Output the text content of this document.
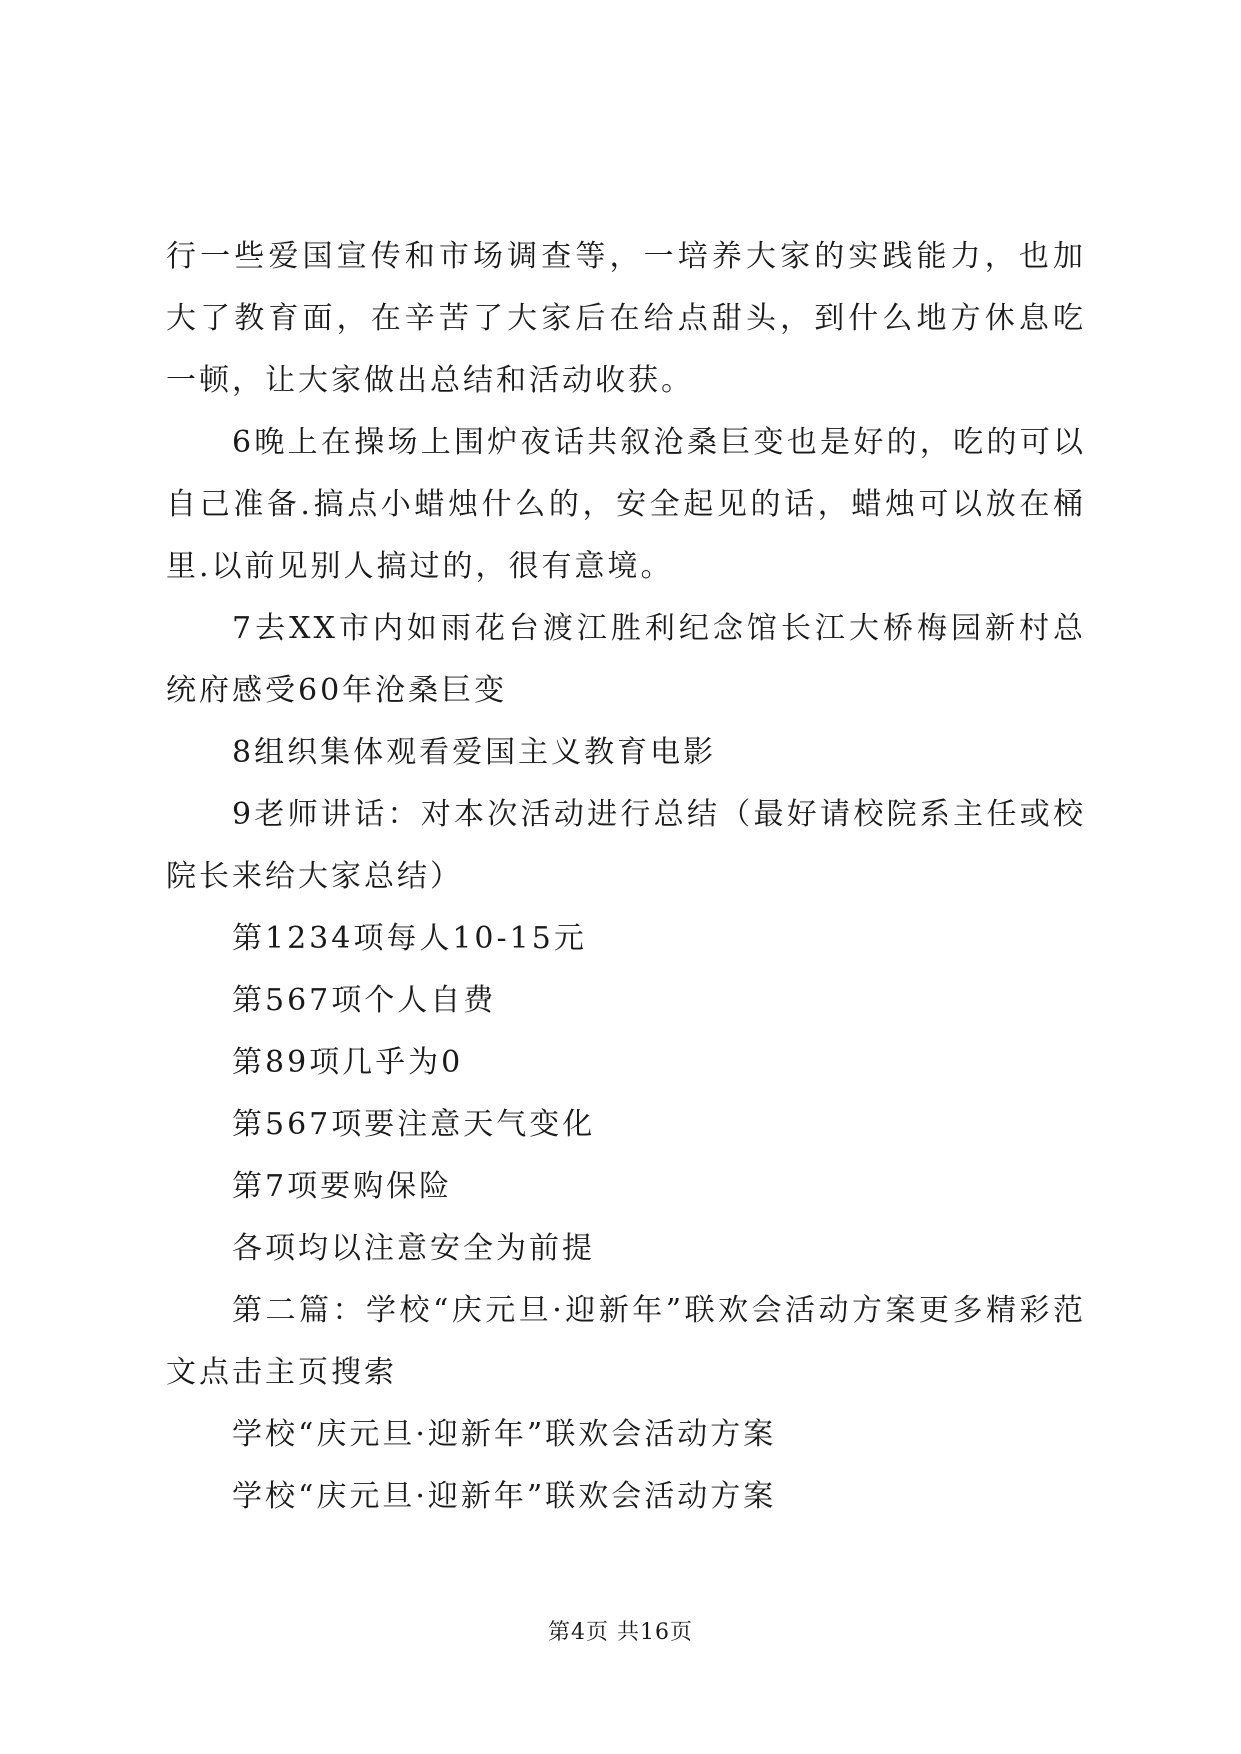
行一些爱国宣传和市场调查等，一培养大家的实践能力，也加大了教育面，在辛苦了大家后在给点甜头，到什么地方休息吃一顿，让大家做出总结和活动收获。

6晚上在操场上围炉夜话共叙沧桑巨变也是好的，吃的可以自己准备.搞点小蜡烛什么的，安全起见的话，蜡烛可以放在桶里.以前见别人搞过的，很有意境。

7去XX市内如雨花台渡江胜利纪念馆长江大桥梅园新村总统府感受60年沧桑巨变

8组织集体观看爱国主义教育电影

9老师讲话：对本次活动进行总结（最好请校院系主任或校院长来给大家总结）

第1234项每人10-15元

第567项个人自费

第89项几乎为0

第567项要注意天气变化

第7项要购保险

各项均以注意安全为前提

第二篇：学校“庆元旦·迎新年”联欢会活动方案更多精彩范文点击主页搜索

学校“庆元旦·迎新年”联欢会活动方案

学校“庆元旦·迎新年”联欢会活动方案

第4页 共16页
